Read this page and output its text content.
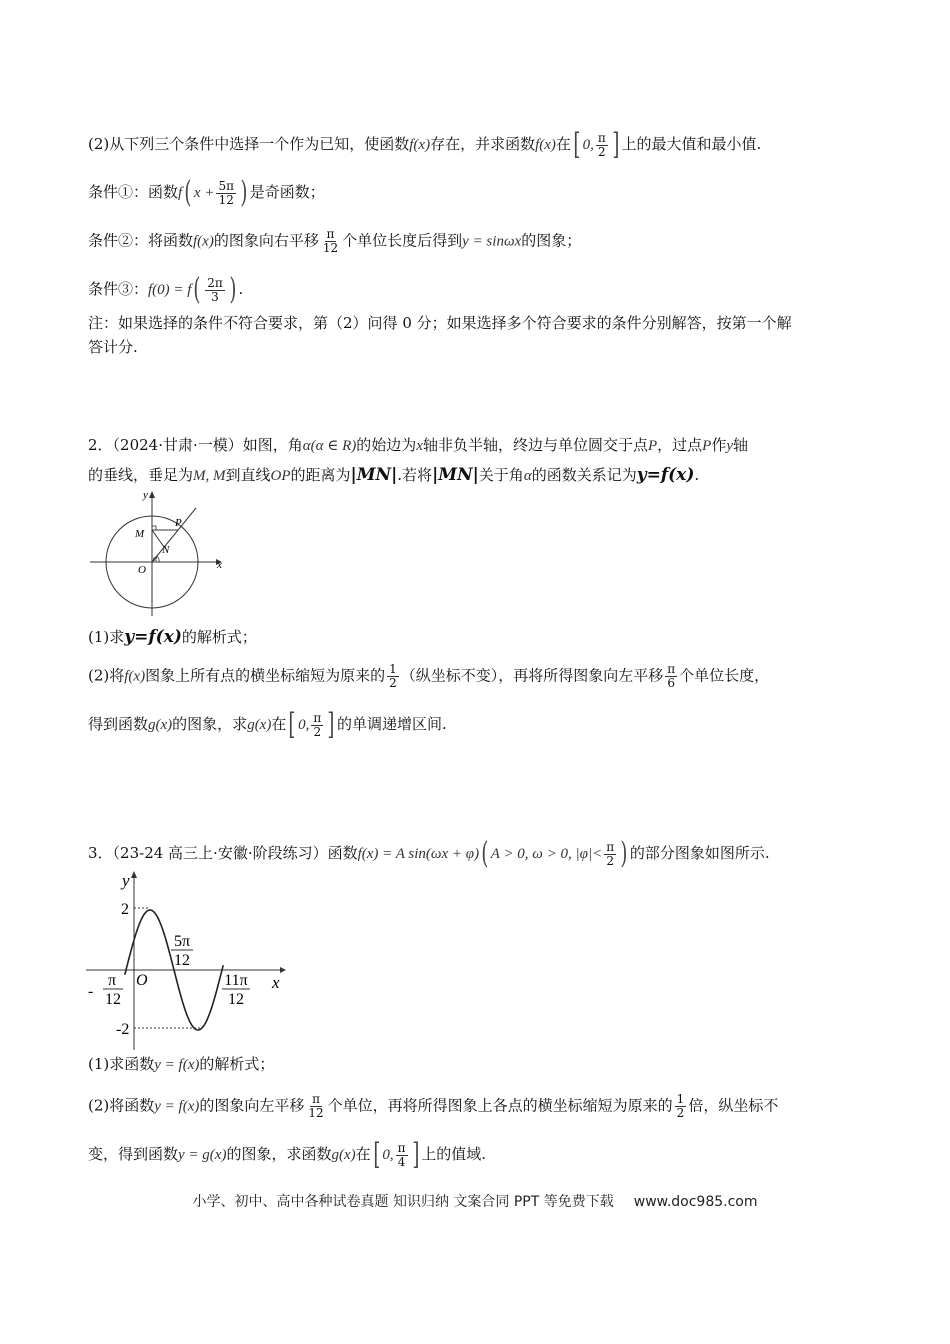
(2)从下列三个条件中选择一个作为已知，使函数f(x)存在，并求函数f(x)在[ 0, $\frac{\pi}{2}$ ] 上的最大值和最小值.
条件①：函数f( $x + \frac{5\pi}{12}$ ) 是奇函数；
条件②：将函数f(x)的图象向右平移 $\frac{\pi}{12}$ 个单位长度后得到y = sinωx的图象；
条件③：$f(0) = f( \frac{2\pi}{3}$ ) .
注：如果选择的条件不符合要求，第（2）问得 0 分；如果选择多个符合要求的条件分别解答，按第一个解
答计分.
2．（2024·甘肃·一模）如图，角α(α ∈ R)的始边为x轴非负半轴，终边与单位圆交于点P，过点P作y轴
的垂线，垂足为M, M到直线OP的距离为|MN|.若将|MN|关于角α的函数关系记为y=f(x).
y
x
P
M
N
O
α
(1)求y=f(x)的解析式；
(2)将f(x)图象上所有点的横坐标缩短为原来的 $\frac{1}{2}$ （纵坐标不变），再将所得图象向左平移 $\frac{\pi}{6}$ 个单位长度，
得到函数g(x)的图象，求g(x)在[ 0, $\frac{\pi}{2}$ ] 的单调递增区间.
3．（23-24 高三上·安徽·阶段练习）函数f(x) = A sin(ωx + φ)( A > 0, ω > 0, $|\varphi|< \frac{\pi}{2}$ ) 的部分图象如图所示.
y
x
O
2
-2
-
π
12
5π
12
11π
12
(1)求函数y = f(x)的解析式；
(2)将函数y = f(x)的图象向左平移 $\frac{\pi}{12}$ 个单位，再将所得图象上各点的横坐标缩短为原来的 $\frac{1}{2}$ 倍，纵坐标不
变，得到函数y = g(x)的图象，求函数g(x)在[ 0, $\frac{\pi}{4}$ ] 上的值域.
小学、初中、高中各种试卷真题 知识归纳 文案合同 PPT 等免费下载 www.doc985.com
